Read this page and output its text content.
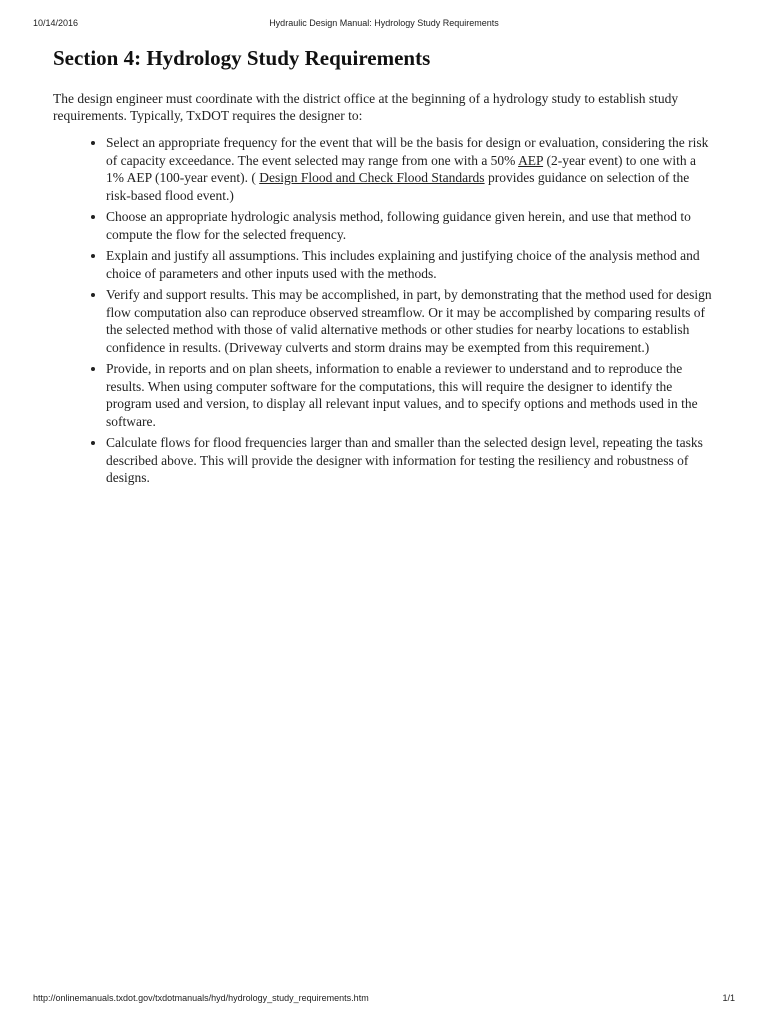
10/14/2016	Hydraulic Design Manual: Hydrology Study Requirements
Section 4: Hydrology Study Requirements

The design engineer must coordinate with the district office at the beginning of a hydrology study to establish study requirements. Typically, TxDOT requires the designer to:

• Select an appropriate frequency for the event that will be the basis for design or evaluation, considering the risk of capacity exceedance. The event selected may range from one with a 50% AEP (2-year event) to one with a 1% AEP (100-year event). ( Design Flood and Check Flood Standards provides guidance on selection of the risk-based flood event.)
• Choose an appropriate hydrologic analysis method, following guidance given herein, and use that method to compute the flow for the selected frequency.
• Explain and justify all assumptions. This includes explaining and justifying choice of the analysis method and choice of parameters and other inputs used with the methods.
• Verify and support results. This may be accomplished, in part, by demonstrating that the method used for design flow computation also can reproduce observed streamflow. Or it may be accomplished by comparing results of the selected method with those of valid alternative methods or other studies for nearby locations to establish confidence in results. (Driveway culverts and storm drains may be exempted from this requirement.)
• Provide, in reports and on plan sheets, information to enable a reviewer to understand and to reproduce the results. When using computer software for the computations, this will require the designer to identify the program used and version, to display all relevant input values, and to specify options and methods used in the software.
• Calculate flows for flood frequencies larger than and smaller than the selected design level, repeating the tasks described above. This will provide the designer with information for testing the resiliency and robustness of designs.
http://onlinemanuals.txdot.gov/txdotmanuals/hyd/hydrology_study_requirements.htm	1/1
